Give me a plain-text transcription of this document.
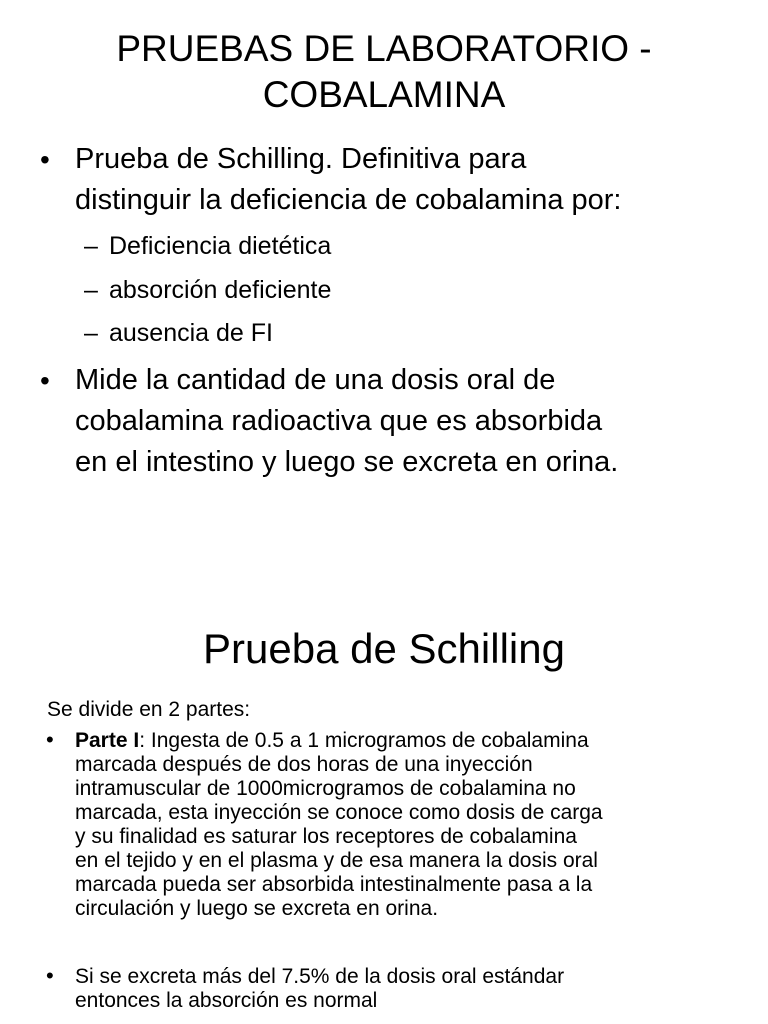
PRUEBAS DE LABORATORIO -
COBALAMINA
• Prueba de Schilling. Definitiva para
distinguir la deficiencia de cobalamina por:
– Deficiencia dietética
– absorción deficiente
– ausencia de FI
• Mide la cantidad de una dosis oral de
cobalamina radioactiva que es absorbida
en el intestino y luego se excreta en orina.
Prueba de Schilling
Se divide en 2 partes:
• Parte I: Ingesta de 0.5 a 1 microgramos de cobalamina
marcada después de dos horas de una inyección
intramuscular de 1000microgramos de cobalamina no
marcada, esta inyección se conoce como dosis de carga
y su finalidad es saturar los receptores de cobalamina
en el tejido y en el plasma y de esa manera la dosis oral
marcada pueda ser absorbida intestinalmente pasa a la
circulación y luego se excreta en orina.
• Si se excreta más del 7.5% de la dosis oral estándar
entonces la absorción es normal
